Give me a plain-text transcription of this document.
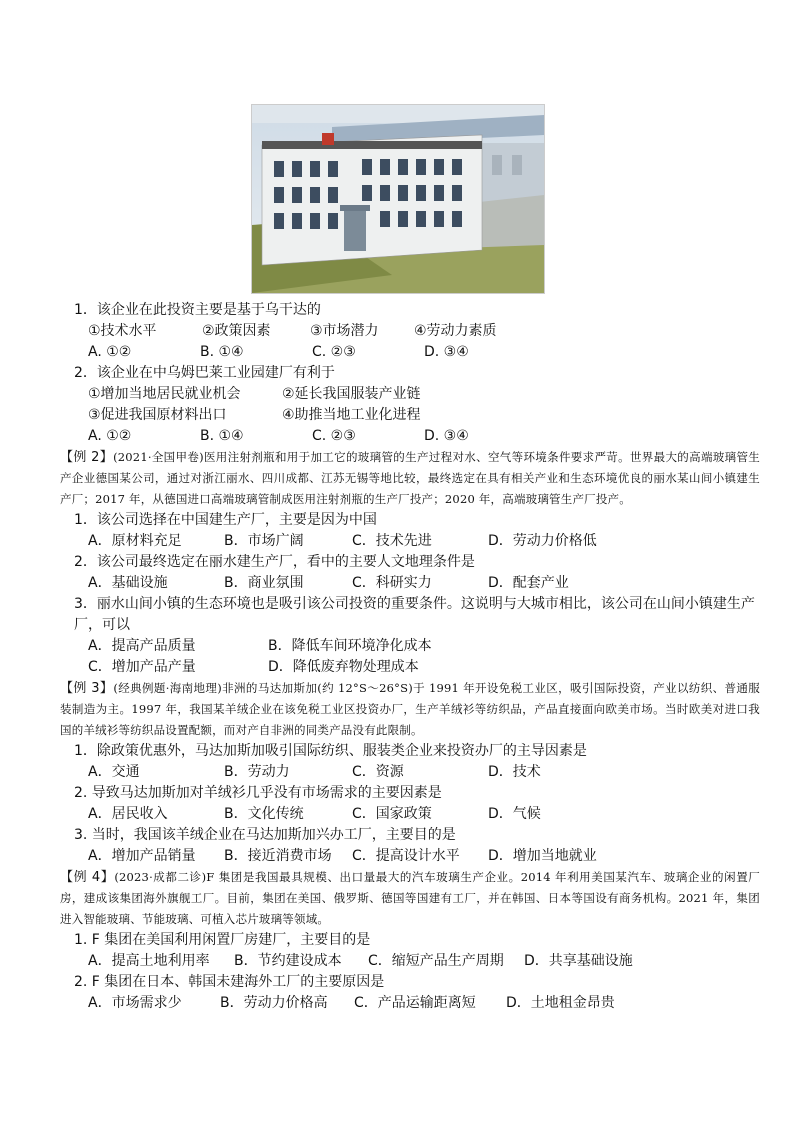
1．该企业在此投资主要是基于乌干达的

①技术水平	②政策因素	③市场潜力	④劳动力素质
A. ①②	B. ①④	C. ②③	D. ③④

2．该企业在中乌姆巴莱工业园建厂有利于

①增加当地居民就业机会	②延长我国服装产业链
③促进我国原材料出口	④助推当地工业化进程
A. ①②	B. ①④	C. ②③	D. ③④

【例 2】(2021·全国甲卷)医用注射剂瓶和用于加工它的玻璃管的生产过程对水、空气等环境条件要求严苛。世界最大的高端玻璃管生产企业德国某公司，通过对浙江丽水、四川成都、江苏无锡等地比较，最终选定在具有相关产业和生态环境优良的丽水某山间小镇建生产厂；2017 年，从德国进口高端玻璃管制成医用注射剂瓶的生产厂投产；2020 年，高端玻璃管生产厂投产。

1．该公司选择在中国建生产厂，主要是因为中国

A．原材料充足	B．市场广阔	C．技术先进	D．劳动力价格低

2．该公司最终选定在丽水建生产厂，看中的主要人文地理条件是

A．基础设施	B．商业氛围	C．科研实力	D．配套产业

3．丽水山间小镇的生态环境也是吸引该公司投资的重要条件。这说明与大城市相比，该公司在山间小镇建生产厂，可以

A．提高产品质量	B．降低车间环境净化成本
C．增加产品产量	D．降低废弃物处理成本

【例 3】(经典例题·海南地理)非洲的马达加斯加(约 12°S～26°S)于 1991 年开设免税工业区，吸引国际投资，产业以纺织、普通服装制造为主。1997 年，我国某羊绒企业在该免税工业区投资办厂，生产羊绒衫等纺织品，产品直接面向欧美市场。当时欧美对进口我国的羊绒衫等纺织品设置配额，而对产自非洲的同类产品没有此限制。

1．除政策优惠外，马达加斯加吸引国际纺织、服装类企业来投资办厂的主导因素是

A．交通	B．劳动力	C．资源	D．技术

2. 导致马达加斯加对羊绒衫几乎没有市场需求的主要因素是

A．居民收入	B．文化传统	C．国家政策	D．气候

3. 当时，我国该羊绒企业在马达加斯加兴办工厂，主要目的是

A．增加产品销量	B．接近消费市场	C．提高设计水平	D．增加当地就业

【例 4】(2023·成都二诊)F 集团是我国最具规模、出口量最大的汽车玻璃生产企业。2014 年利用美国某汽车、玻璃企业的闲置厂房，建成该集团海外旗舰工厂。目前，集团在美国、俄罗斯、德国等国建有工厂，并在韩国、日本等国设有商务机构。2021 年，集团进入智能玻璃、节能玻璃、可植入芯片玻璃等领域。

1. F 集团在美国利用闲置厂房建厂，主要目的是

A．提高土地利用率	B．节约建设成本	C．缩短产品生产周期	D．共享基础设施

2. F 集团在日本、韩国未建海外工厂的主要原因是

A．市场需求少	B．劳动力价格高	C．产品运输距离短	D．土地租金昂贵
